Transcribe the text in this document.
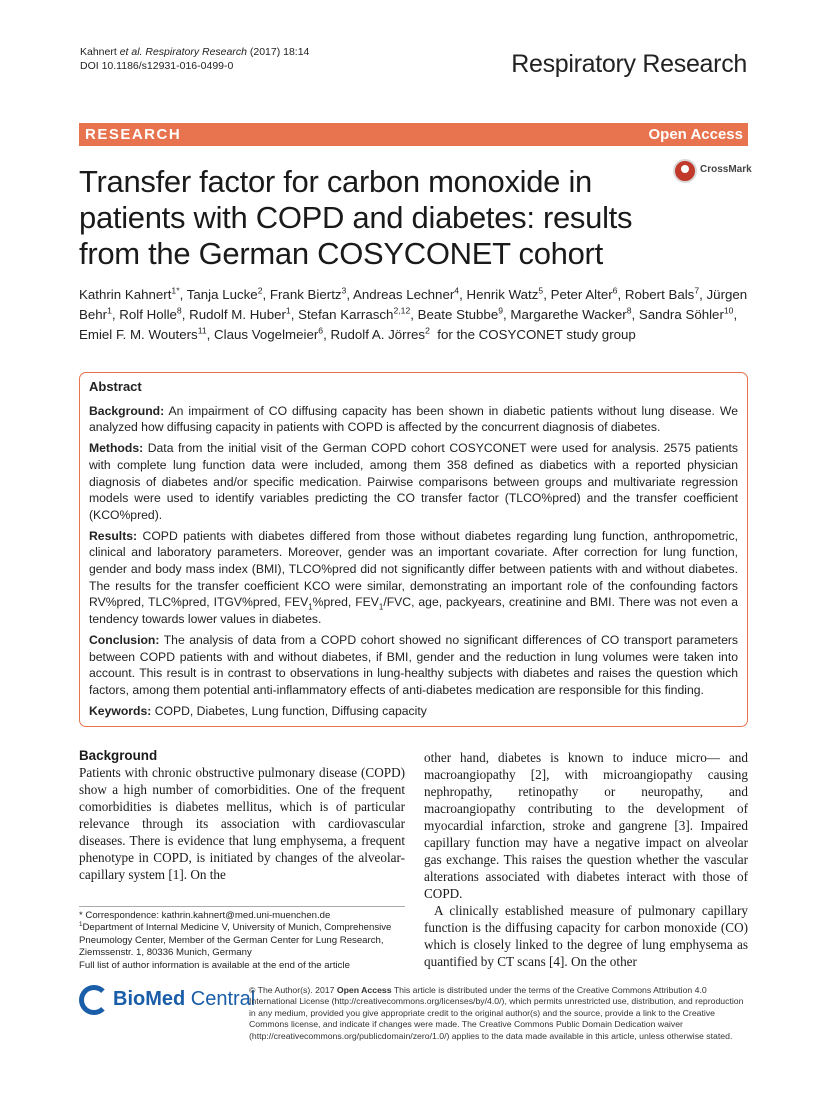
Kahnert et al. Respiratory Research (2017) 18:14
DOI 10.1186/s12931-016-0499-0	Respiratory Research
RESEARCH	Open Access
Transfer factor for carbon monoxide in patients with COPD and diabetes: results from the German COSYCONET cohort
CrossMark
Kathrin Kahnert$^{1*}$, Tanja Lucke$^2$, Frank Biertz$^3$, Andreas Lechner$^4$, Henrik Watz$^5$, Peter Alter$^6$, Robert Bals$^7$, Jürgen Behr$^1$, Rolf Holle$^8$, Rudolf M. Huber$^1$, Stefan Karrasch$^{2,12}$, Beate Stubbe$^9$, Margarethe Wacker$^8$, Sandra Söhler$^{10}$, Emiel F. M. Wouters$^{11}$, Claus Vogelmeier$^6$, Rudolf A. Jörres$^2$  for the COSYCONET study group
Abstract

Background: An impairment of CO diffusing capacity has been shown in diabetic patients without lung disease. We analyzed how diffusing capacity in patients with COPD is affected by the concurrent diagnosis of diabetes.

Methods: Data from the initial visit of the German COPD cohort COSYCONET were used for analysis. 2575 patients with complete lung function data were included, among them 358 defined as diabetics with a reported physician diagnosis of diabetes and/or specific medication. Pairwise comparisons between groups and multivariate regression models were used to identify variables predicting the CO transfer factor (TLCO%pred) and the transfer coefficient (KCO%pred).

Results: COPD patients with diabetes differed from those without diabetes regarding lung function, anthropometric, clinical and laboratory parameters. Moreover, gender was an important covariate. After correction for lung function, gender and body mass index (BMI), TLCO%pred did not significantly differ between patients with and without diabetes. The results for the transfer coefficient KCO were similar, demonstrating an important role of the confounding factors RV%pred, TLC%pred, ITGV%pred, $FEV_1\%pred$, $FEV_1$/FVC, age, packyears, creatinine and BMI. There was not even a tendency towards lower values in diabetes.

Conclusion: The analysis of data from a COPD cohort showed no significant differences of CO transport parameters between COPD patients with and without diabetes, if BMI, gender and the reduction in lung volumes were taken into account. This result is in contrast to observations in lung-healthy subjects with diabetes and raises the question which factors, among them potential anti-inflammatory effects of anti-diabetes medication are responsible for this finding.

Keywords: COPD, Diabetes, Lung function, Diffusing capacity

Background
Patients with chronic obstructive pulmonary disease (COPD) show a high number of comorbidities. One of the frequent comorbidities is diabetes mellitus, which is of particular relevance through its association with cardiovascular diseases. There is evidence that lung emphysema, a frequent phenotype in COPD, is initiated by changes of the alveolar-capillary system [1]. On the

other hand, diabetes is known to induce micro— and macroangiopathy [2], with microangiopathy causing nephropathy, retinopathy or neuropathy, and macroangiopathy contributing to the development of myocardial infarction, stroke and gangrene [3]. Impaired capillary function may have a negative impact on alveolar gas exchange. This raises the question whether the vascular alterations associated with diabetes interact with those of COPD.

A clinically established measure of pulmonary capillary function is the diffusing capacity for carbon monoxide (CO) which is closely linked to the degree of lung emphysema as quantified by CT scans [4]. On the other

* Correspondence: kathrin.kahnert@med.uni-muenchen.de

$^1$Department of Internal Medicine V, University of Munich, Comprehensive Pneumology Center, Member of the German Center for Lung Research, Ziemssenstr. 1, 80336 Munich, Germany

Full list of author information is available at the end of the article

BioMed Central
© The Author(s). 2017 Open Access This article is distributed under the terms of the Creative Commons Attribution 4.0 International License (http://creativecommons.org/licenses/by/4.0/), which permits unrestricted use, distribution, and reproduction in any medium, provided you give appropriate credit to the original author(s) and the source, provide a link to the Creative Commons license, and indicate if changes were made. The Creative Commons Public Domain Dedication waiver (http://creativecommons.org/publicdomain/zero/1.0/) applies to the data made available in this article, unless otherwise stated.
